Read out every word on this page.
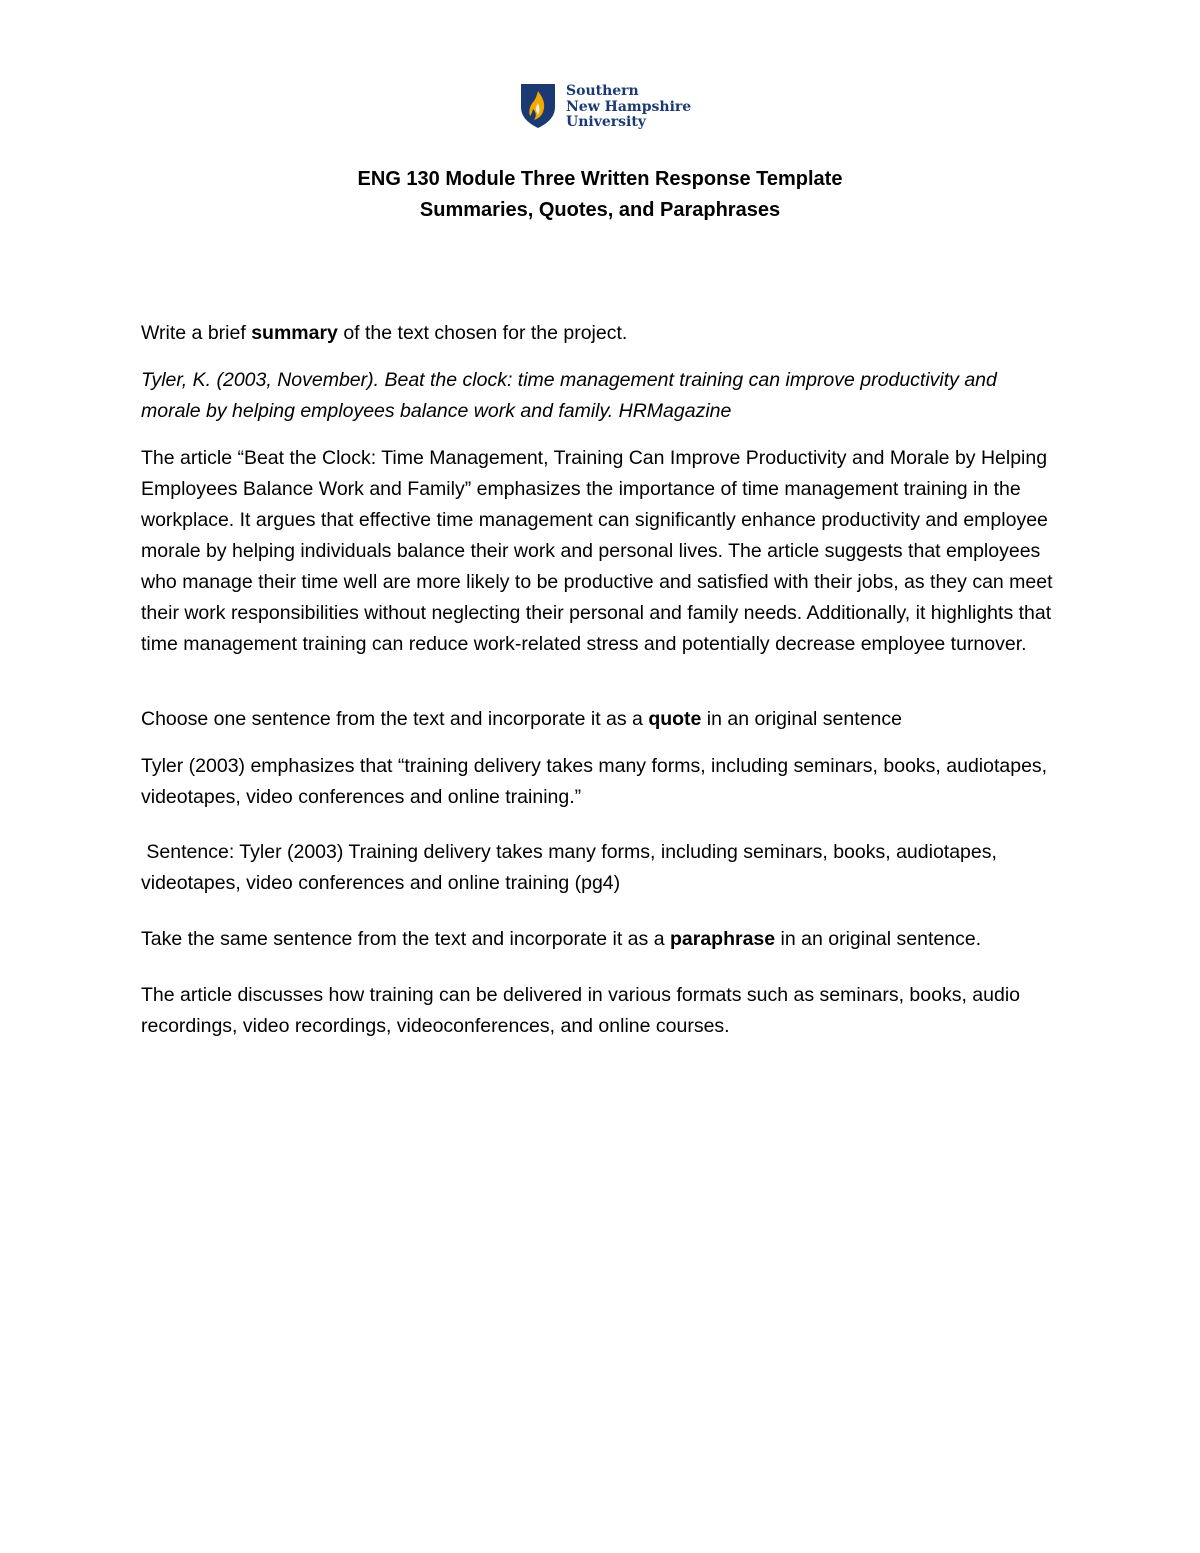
Southern
New Hampshire
University
ENG 130 Module Three Written Response Template
Summaries, Quotes, and Paraphrases

Write a brief summary of the text chosen for the project.

Tyler, K. (2003, November). Beat the clock: time management training can improve productivity and morale by helping employees balance work and family. HRMagazine

The article “Beat the Clock: Time Management, Training Can Improve Productivity and Morale by Helping Employees Balance Work and Family” emphasizes the importance of time management training in the workplace. It argues that effective time management can significantly enhance productivity and employee morale by helping individuals balance their work and personal lives. The article suggests that employees who manage their time well are more likely to be productive and satisfied with their jobs, as they can meet their work responsibilities without neglecting their personal and family needs. Additionally, it highlights that time management training can reduce work-related stress and potentially decrease employee turnover.

Choose one sentence from the text and incorporate it as a quote in an original sentence

Tyler (2003) emphasizes that “training delivery takes many forms, including seminars, books, audiotapes, videotapes, video conferences and online training.”

Sentence: Tyler (2003) Training delivery takes many forms, including seminars, books, audiotapes, videotapes, video conferences and online training (pg4)

Take the same sentence from the text and incorporate it as a paraphrase in an original sentence.

The article discusses how training can be delivered in various formats such as seminars, books, audio recordings, video recordings, videoconferences, and online courses.
